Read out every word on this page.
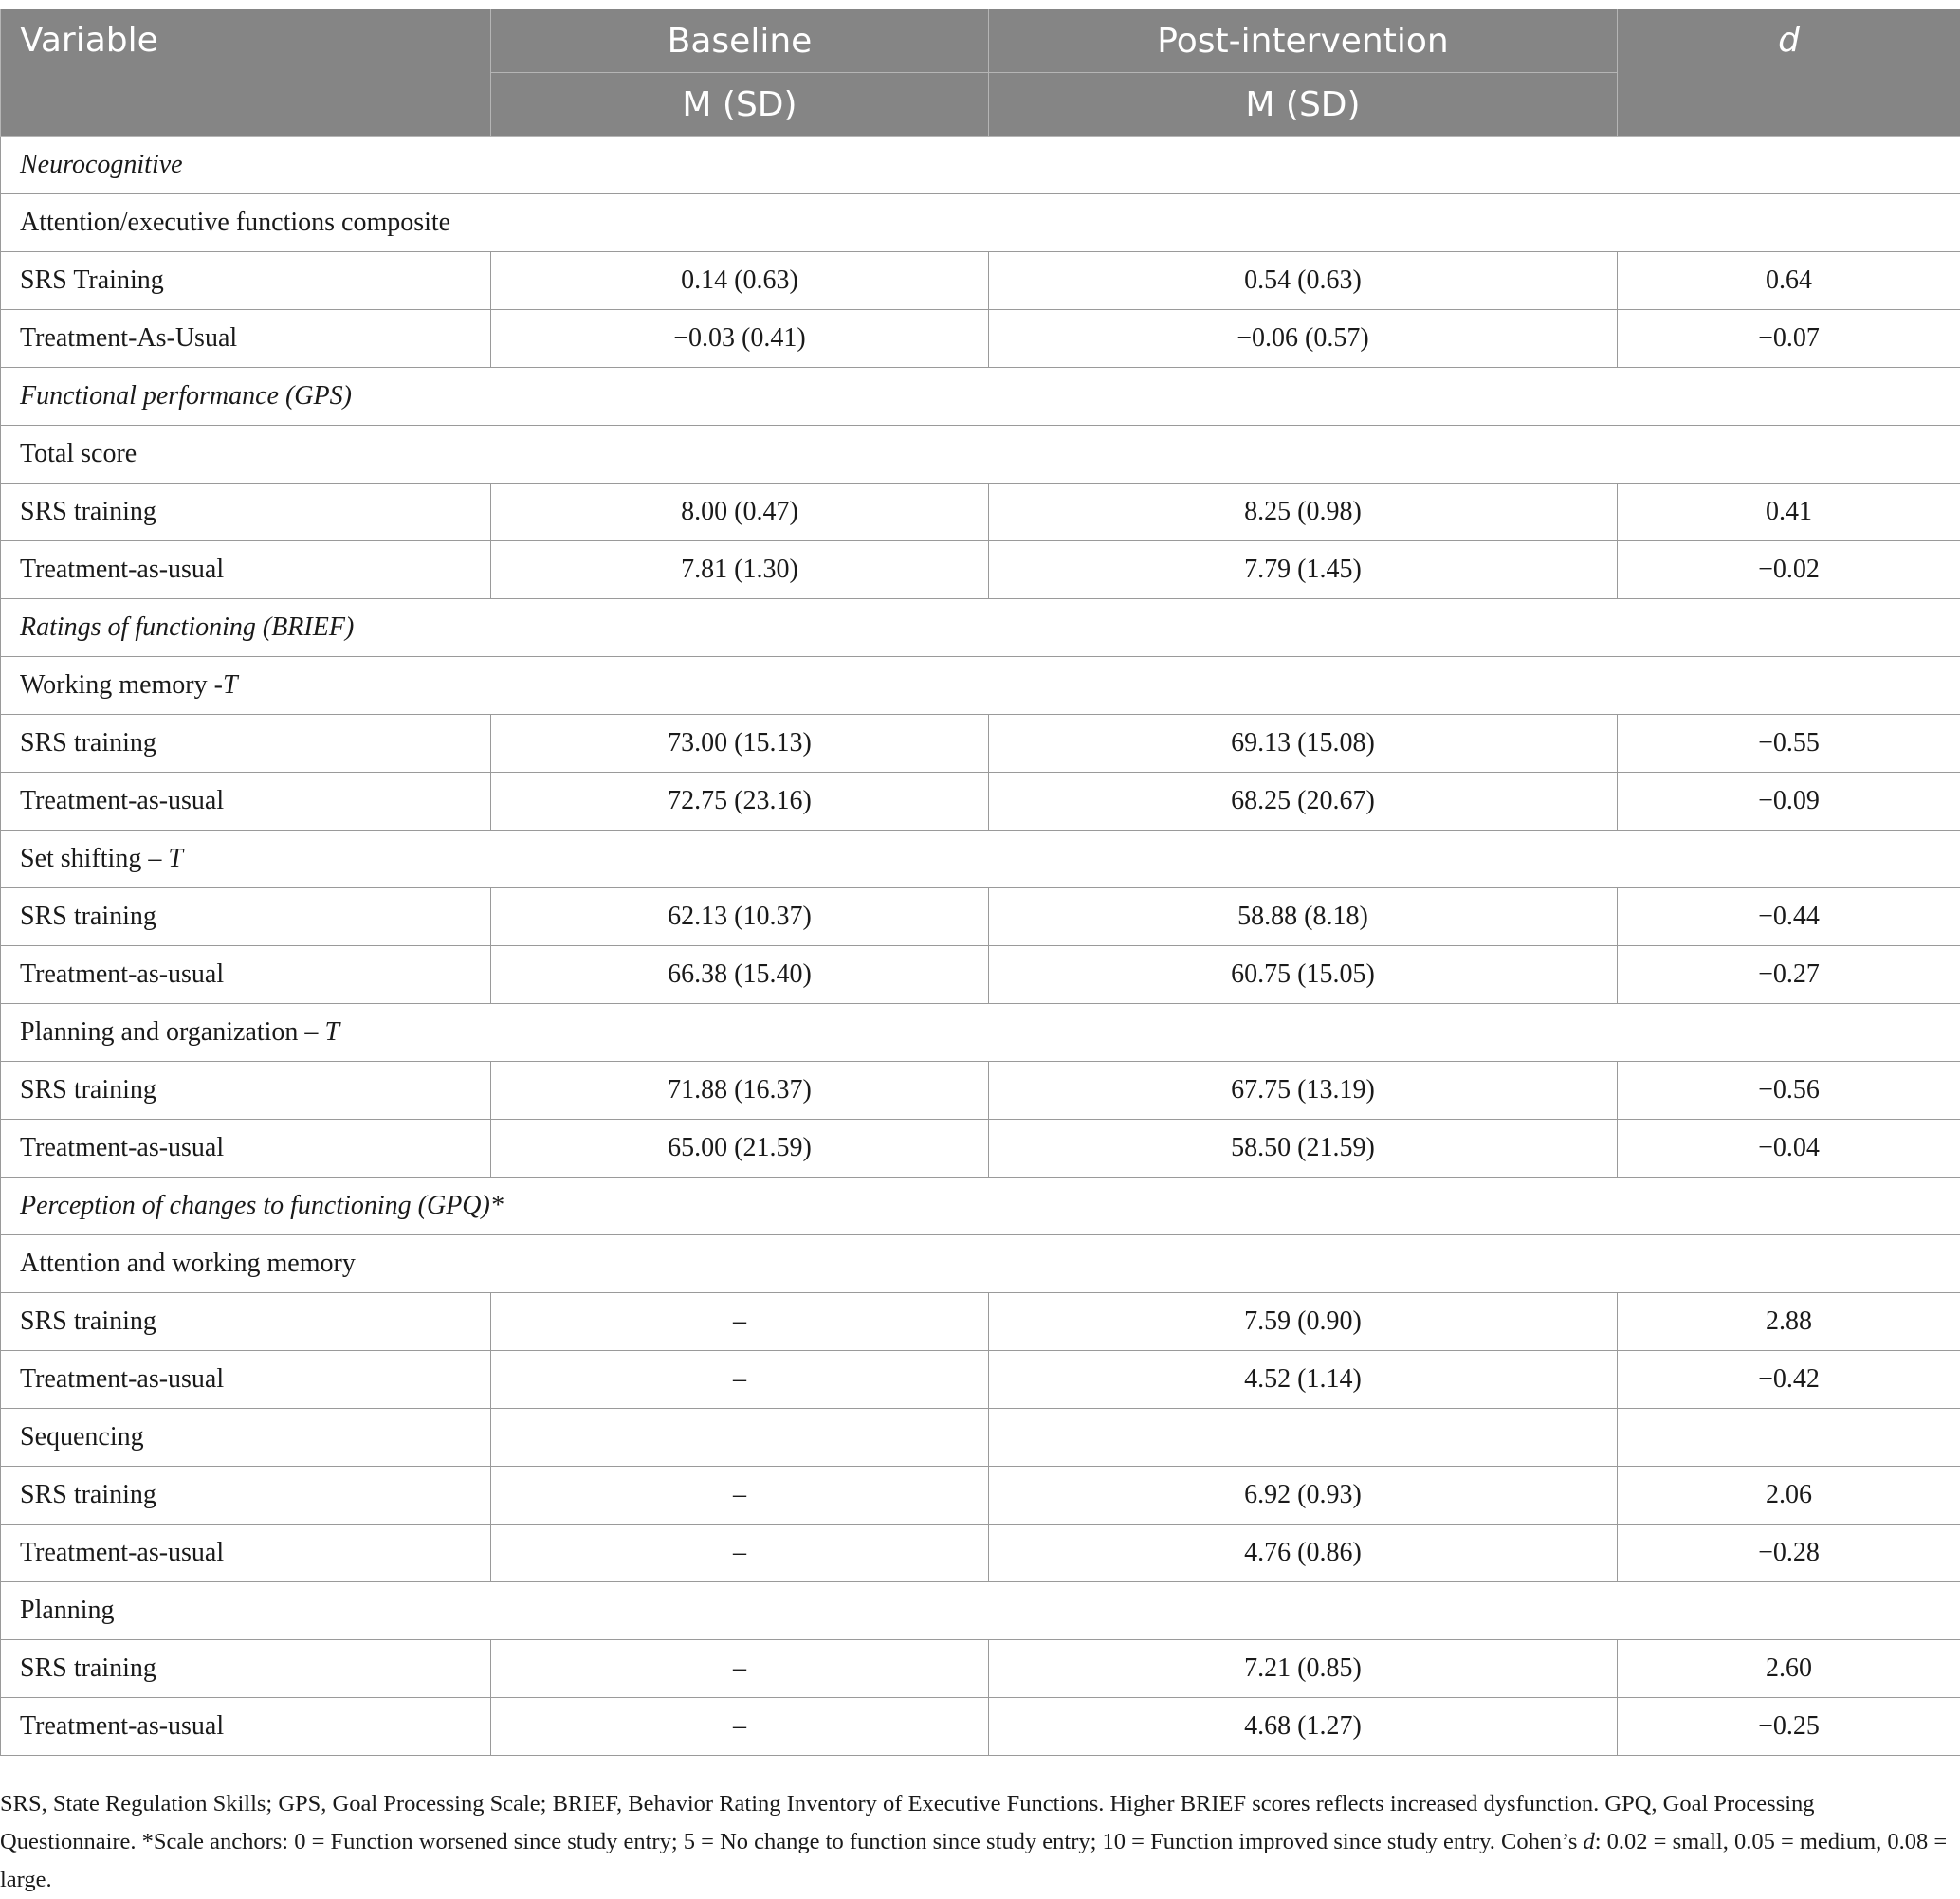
Variable	Baseline	Post-intervention	d
	M (SD)	M (SD)	
Neurocognitive			
Attention/executive functions composite			
SRS Training	0.14 (0.63)	0.54 (0.63)	0.64
Treatment-As-Usual	−0.03 (0.41)	−0.06 (0.57)	−0.07
Functional performance (GPS)			
Total score			
SRS training	8.00 (0.47)	8.25 (0.98)	0.41
Treatment-as-usual	7.81 (1.30)	7.79 (1.45)	−0.02
Ratings of functioning (BRIEF)			
Working memory -T			
SRS training	73.00 (15.13)	69.13 (15.08)	−0.55
Treatment-as-usual	72.75 (23.16)	68.25 (20.67)	−0.09
Set shifting – T			
SRS training	62.13 (10.37)	58.88 (8.18)	−0.44
Treatment-as-usual	66.38 (15.40)	60.75 (15.05)	−0.27
Planning and organization – T			
SRS training	71.88 (16.37)	67.75 (13.19)	−0.56
Treatment-as-usual	65.00 (21.59)	58.50 (21.59)	−0.04
Perception of changes to functioning (GPQ)*			
Attention and working memory			
SRS training	–	7.59 (0.90)	2.88
Treatment-as-usual	–	4.52 (1.14)	−0.42
Sequencing			
SRS training	–	6.92 (0.93)	2.06
Treatment-as-usual	–	4.76 (0.86)	−0.28
Planning			
SRS training	–	7.21 (0.85)	2.60
Treatment-as-usual	–	4.68 (1.27)	−0.25

SRS, State Regulation Skills; GPS, Goal Processing Scale; BRIEF, Behavior Rating Inventory of Executive Functions. Higher BRIEF scores reflects increased dysfunction. GPQ, Goal Processing Questionnaire. *Scale anchors: 0 = Function worsened since study entry; 5 = No change to function since study entry; 10 = Function improved since study entry. Cohen’s d: 0.02 = small, 0.05 = medium, 0.08 = large.
